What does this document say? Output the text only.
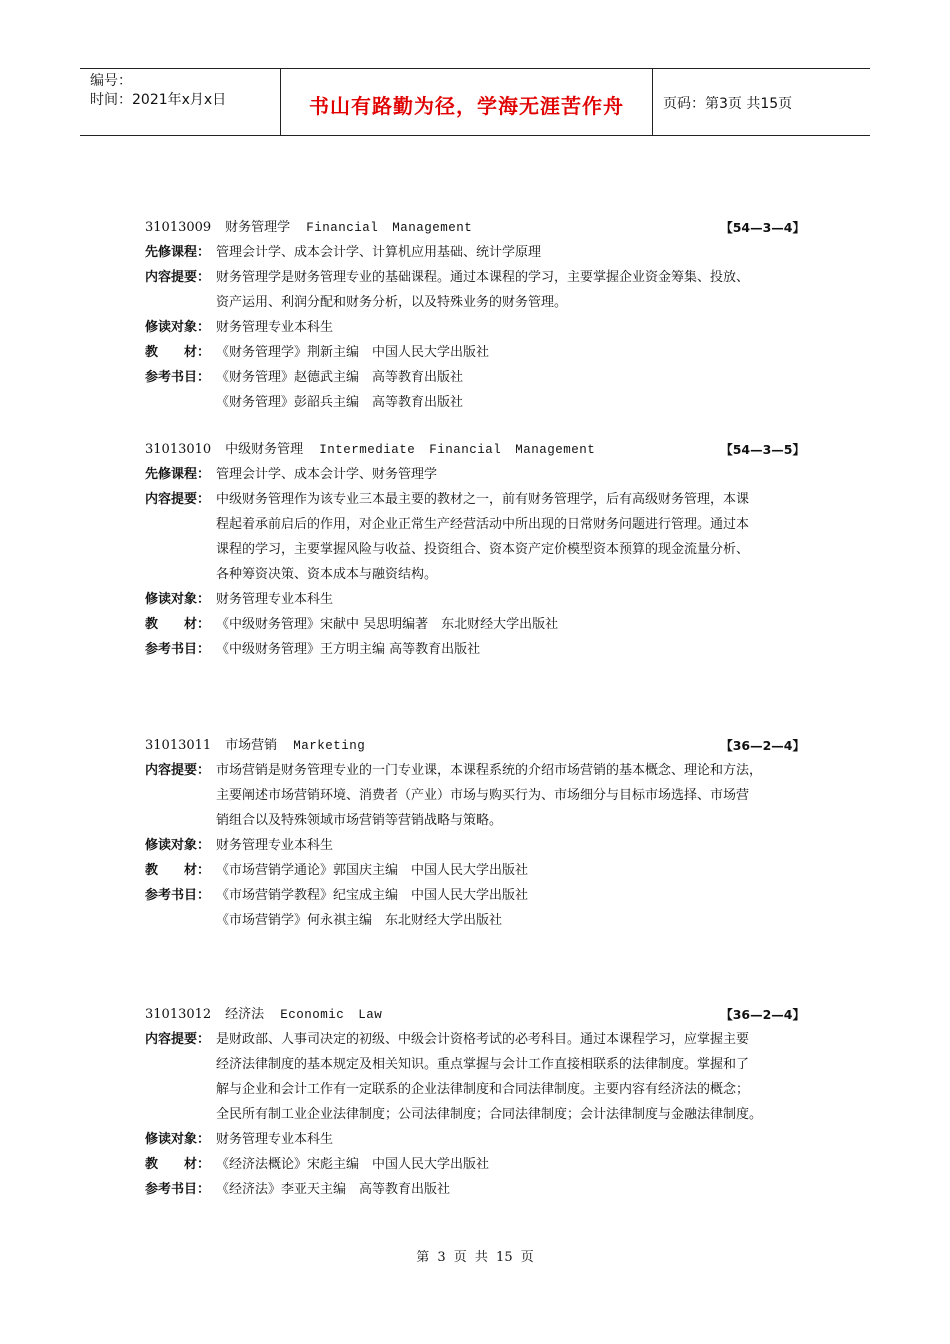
编号：
时间：2021年x月x日	书山有路勤为径，学海无涯苦作舟	页码：第3页 共15页
31013009 财务管理学 Financial Management	【54—3—4】
先修课程： 管理会计学、成本会计学、计算机应用基础、统计学原理
内容提要： 财务管理学是财务管理专业的基础课程。通过本课程的学习，主要掌握企业资金筹集、投放、
资产运用、利润分配和财务分析，以及特殊业务的财务管理。
修读对象： 财务管理专业本科生
教　　材： 《财务管理学》荆新主编　中国人民大学出版社
参考书目： 《财务管理》赵德武主编　高等教育出版社
《财务管理》彭韶兵主编　高等教育出版社
31013010 中级财务管理 Intermediate Financial Management	【54—3—5】
先修课程： 管理会计学、成本会计学、财务管理学
内容提要： 中级财务管理作为该专业三本最主要的教材之一，前有财务管理学，后有高级财务管理，本课
程起着承前启后的作用，对企业正常生产经营活动中所出现的日常财务问题进行管理。通过本
课程的学习，主要掌握风险与收益、投资组合、资本资产定价模型资本预算的现金流量分析、
各种筹资决策、资本成本与融资结构。
修读对象： 财务管理专业本科生
教　　材： 《中级财务管理》宋献中 吴思明编著　东北财经大学出版社
参考书目： 《中级财务管理》王方明主编 高等教育出版社
31013011 市场营销 Marketing	【36—2—4】
内容提要： 市场营销是财务管理专业的一门专业课，本课程系统的介绍市场营销的基本概念、理论和方法，
主要阐述市场营销环境、消费者（产业）市场与购买行为、市场细分与目标市场选择、市场营
销组合以及特殊领域市场营销等营销战略与策略。
修读对象： 财务管理专业本科生
教　　材： 《市场营销学通论》郭国庆主编　中国人民大学出版社
参考书目： 《市场营销学教程》纪宝成主编　中国人民大学出版社
《市场营销学》何永祺主编　东北财经大学出版社
31013012 经济法 Economic Law	【36—2—4】
内容提要： 是财政部、人事司决定的初级、中级会计资格考试的必考科目。通过本课程学习，应掌握主要
经济法律制度的基本规定及相关知识。重点掌握与会计工作直接相联系的法律制度。掌握和了
解与企业和会计工作有一定联系的企业法律制度和合同法律制度。主要内容有经济法的概念；
全民所有制工业企业法律制度；公司法律制度；合同法律制度；会计法律制度与金融法律制度。
修读对象： 财务管理专业本科生
教　　材： 《经济法概论》宋彪主编　中国人民大学出版社
参考书目： 《经济法》李亚天主编　高等教育出版社
第 3 页 共 15 页
